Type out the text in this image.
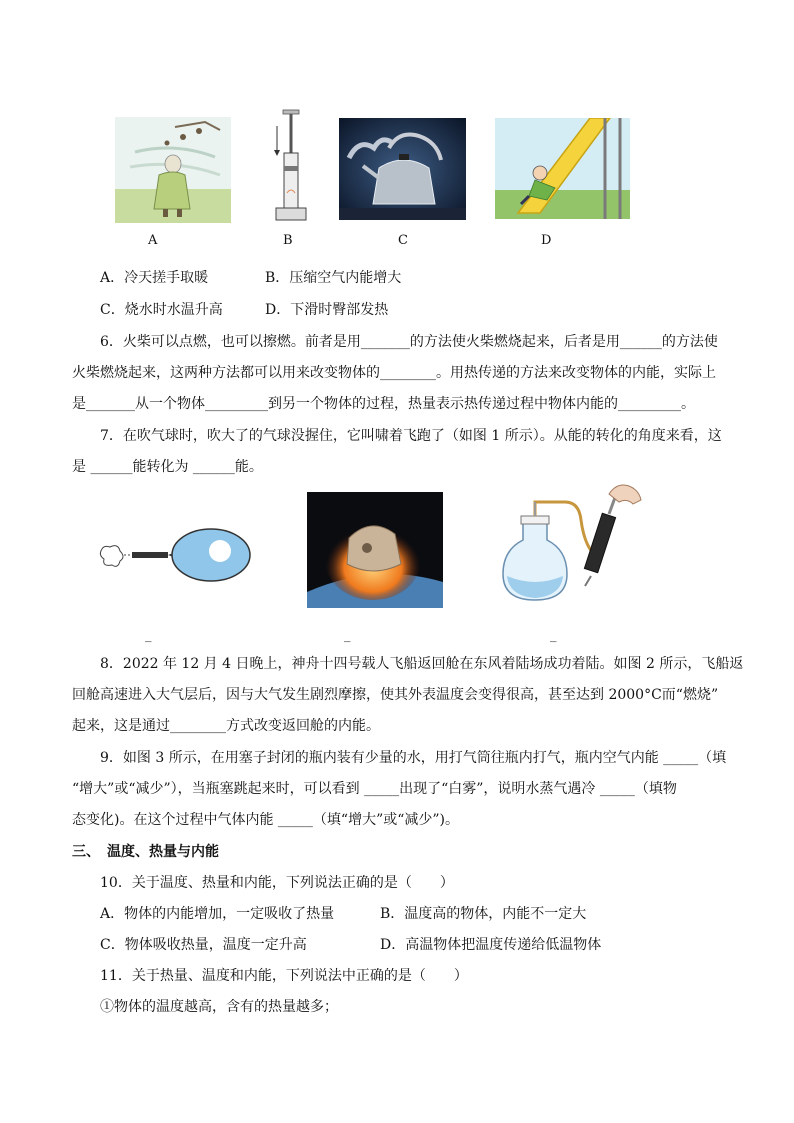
A	B	C	D
A．冷天搓手取暖	B．压缩空气内能增大
C．烧水时水温升高	D．下滑时臀部发热
6．火柴可以点燃，也可以擦燃。前者是用_______的方法使火柴燃烧起来，后者是用______的方法使
火柴燃烧起来，这两种方法都可以用来改变物体的________。用热传递的方法来改变物体的内能，实际上
是_______从一个物体_________到另一个物体的过程，热量表示热传递过程中物体内能的_________。
7．在吹气球时，吹大了的气球没握住，它叫啸着飞跑了（如图 1 所示）。从能的转化的角度来看，这
是 ______能转化为 ______能。
_	_	_
8．2022 年 12 月 4 日晚上，神舟十四号载人飞船返回舱在东风着陆场成功着陆。如图 2 所示，飞船返
回舱高速进入大气层后，因与大气发生剧烈摩擦，使其外表温度会变得很高，甚至达到 2000°C而“燃烧”
起来，这是通过________方式改变返回舱的内能。
9．如图 3 所示，在用塞子封闭的瓶内装有少量的水，用打气筒往瓶内打气，瓶内空气内能 _____（填
“增大”或“减少”），当瓶塞跳起来时，可以看到 _____出现了“白雾”，说明水蒸气遇冷 _____（填物
态变化)。在这个过程中气体内能 _____（填“增大”或“减少”)。
三、 温度、热量与内能
10．关于温度、热量和内能，下列说法正确的是（　　）
A．物体的内能增加，一定吸收了热量	B．温度高的物体，内能不一定大
C．物体吸收热量，温度一定升高	D．高温物体把温度传递给低温物体
11．关于热量、温度和内能，下列说法中正确的是（　　）
①物体的温度越高，含有的热量越多；
